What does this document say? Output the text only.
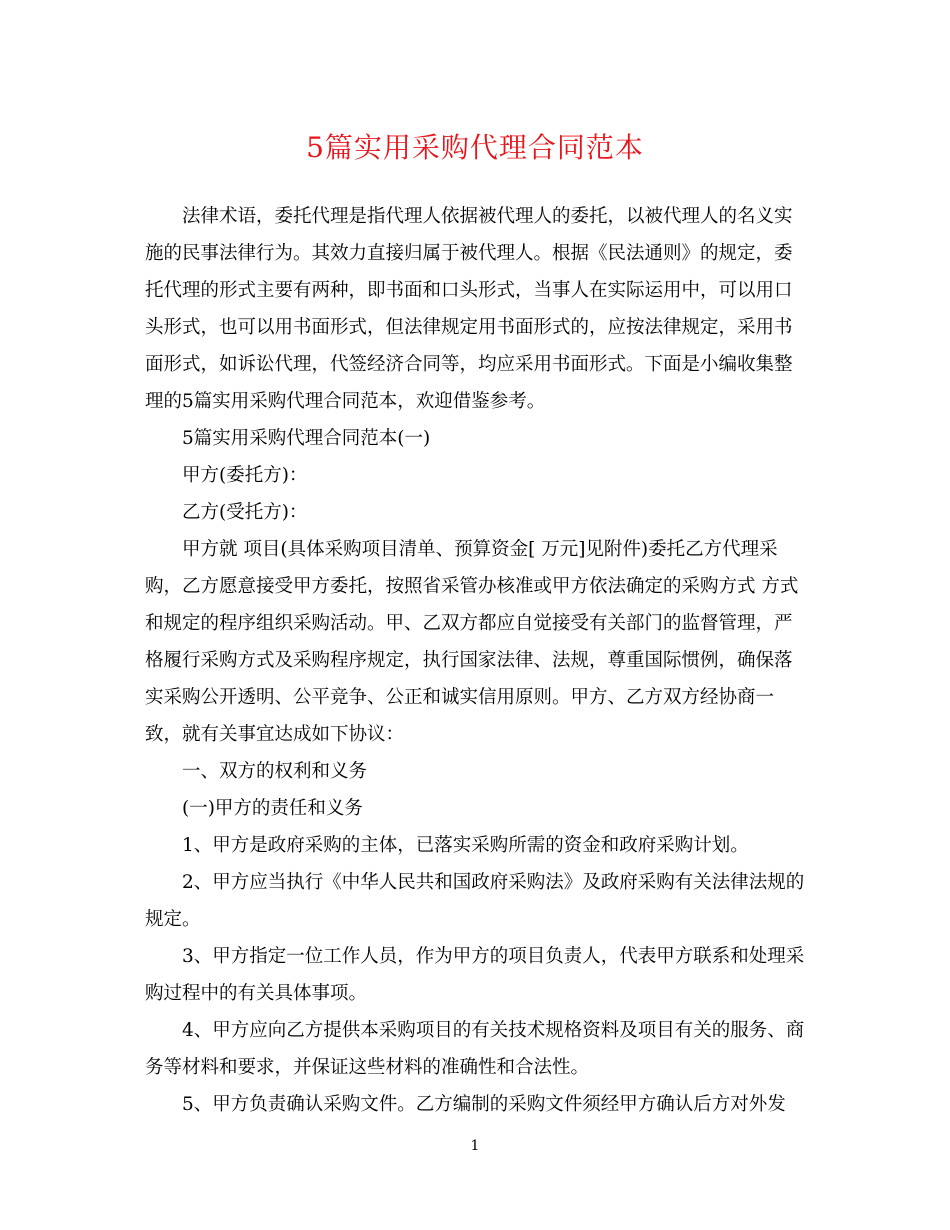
5篇实用采购代理合同范本

法律术语，委托代理是指代理人依据被代理人的委托，以被代理人的名义实
施的民事法律行为。其效力直接归属于被代理人。根据《民法通则》的规定，委
托代理的形式主要有两种，即书面和口头形式，当事人在实际运用中，可以用口
头形式，也可以用书面形式，但法律规定用书面形式的，应按法律规定，采用书
面形式，如诉讼代理，代签经济合同等，均应采用书面形式。下面是小编收集整
理的5篇实用采购代理合同范本，欢迎借鉴参考。

5篇实用采购代理合同范本(一)

甲方(委托方)：

乙方(受托方)：

甲方就 项目(具体采购项目清单、预算资金[ 万元]见附件)委托乙方代理采
购，乙方愿意接受甲方委托，按照省采管办核准或甲方依法确定的采购方式 方式
和规定的程序组织采购活动。甲、乙双方都应自觉接受有关部门的监督管理，严
格履行采购方式及采购程序规定，执行国家法律、法规，尊重国际惯例，确保落
实采购公开透明、公平竞争、公正和诚实信用原则。甲方、乙方双方经协商一
致，就有关事宜达成如下协议：

一、双方的权利和义务

(一)甲方的责任和义务

1、甲方是政府采购的主体，已落实采购所需的资金和政府采购计划。

2、甲方应当执行《中华人民共和国政府采购法》及政府采购有关法律法规的
规定。

3、甲方指定一位工作人员，作为甲方的项目负责人，代表甲方联系和处理采
购过程中的有关具体事项。

4、甲方应向乙方提供本采购项目的有关技术规格资料及项目有关的服务、商
务等材料和要求，并保证这些材料的准确性和合法性。

5、甲方负责确认采购文件。乙方编制的采购文件须经甲方确认后方对外发

1
